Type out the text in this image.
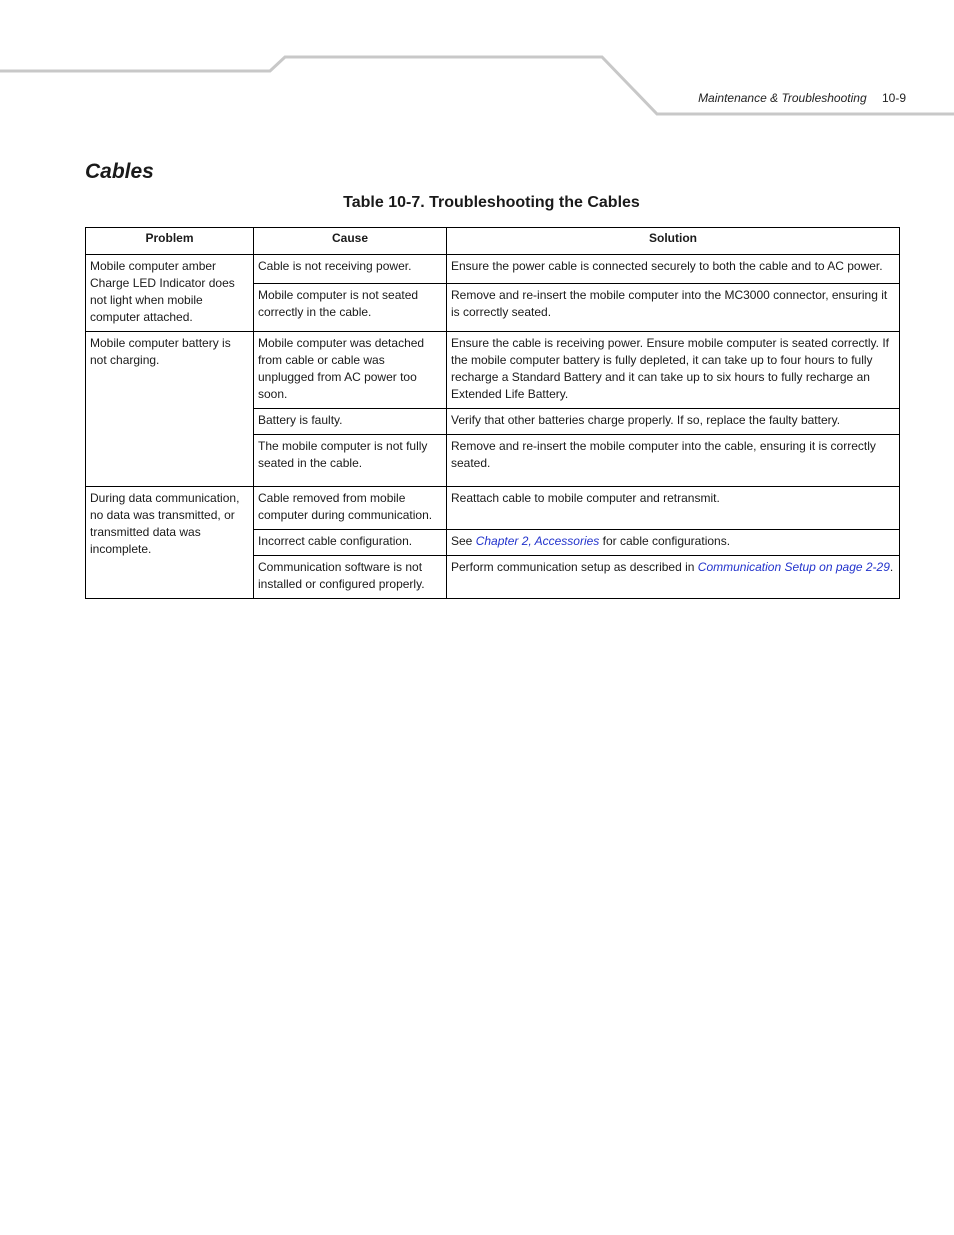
Maintenance & Troubleshooting 10-9
Cables
Table 10-7. Troubleshooting the Cables
Problem	Cause	Solution
Mobile computer amber Charge LED Indicator does not light when mobile computer attached.	Cable is not receiving power.	Ensure the power cable is connected securely to both the cable and to AC power.
	Mobile computer is not seated correctly in the cable.	Remove and re-insert the mobile computer into the MC3000 connector, ensuring it is correctly seated.
Mobile computer battery is not charging.	Mobile computer was detached from cable or cable was unplugged from AC power too soon.	Ensure the cable is receiving power. Ensure mobile computer is seated correctly. If the mobile computer battery is fully depleted, it can take up to four hours to fully recharge a Standard Battery and it can take up to six hours to fully recharge an Extended Life Battery.
	Battery is faulty.	Verify that other batteries charge properly. If so, replace the faulty battery.
	The mobile computer is not fully seated in the cable.	Remove and re-insert the mobile computer into the cable, ensuring it is correctly seated.
During data communication, no data was transmitted, or transmitted data was incomplete.	Cable removed from mobile computer during communication.	Reattach cable to mobile computer and retransmit.
	Incorrect cable configuration.	See Chapter 2, Accessories for cable configurations.
	Communication software is not installed or configured properly.	Perform communication setup as described in Communication Setup on page 2-29.
